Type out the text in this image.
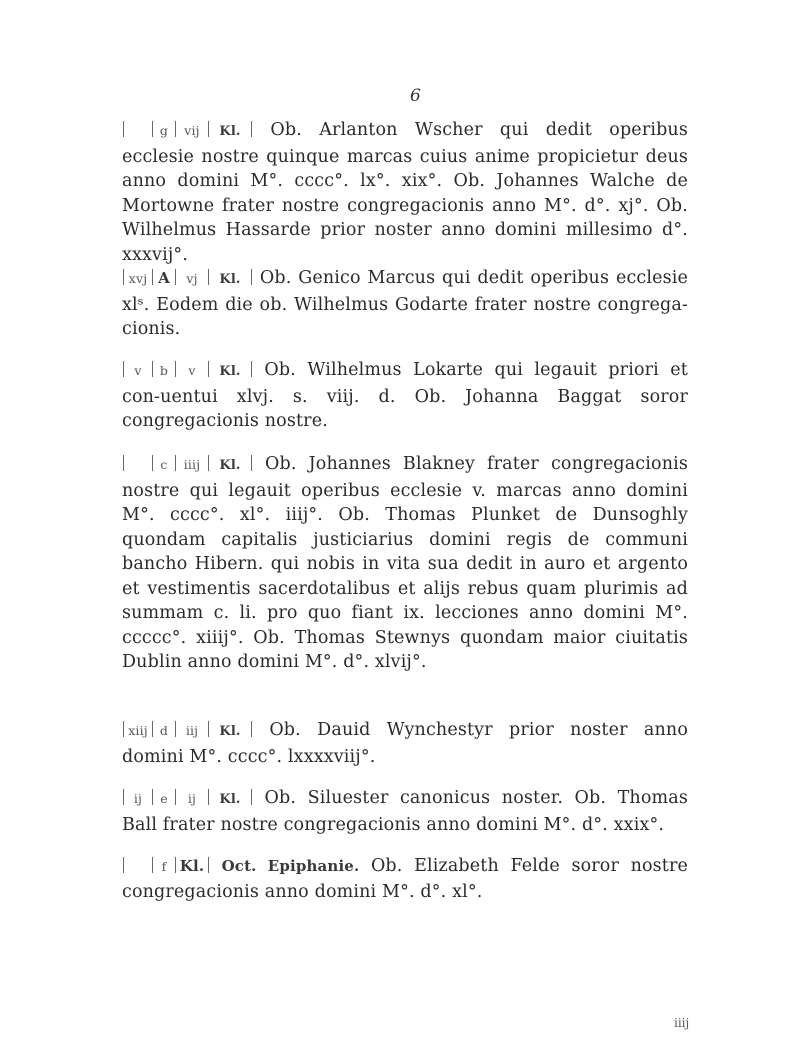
6
g vij Kl. Ob. Arlanton Wscher qui dedit operibus ecclesie nostre quinque marcas cuius anime propicietur deus anno domini M°. cccc°. lx°. xix°. Ob. Johannes Walche de Mortowne frater nostre congregacionis anno M°. d°. xj°. Ob. Wilhelmus Hassarde prior noster anno domini millesimo d°. xxxvij°.
xvj A vj Kl. Ob. Genico Marcus qui dedit operibus ecclesie xlˢ. Eodem die ob. Wilhelmus Godarte frater nostre congrega-cionis.
v b v Kl. Ob. Wilhelmus Lokarte qui legauit priori et con-uentui xlvj. s. viij. d. Ob. Johanna Baggat soror congregacionis nostre.
c iiij Kl. Ob. Johannes Blakney frater congregacionis nostre qui legauit operibus ecclesie v. marcas anno domini M°. cccc°. xl°. iiij°. Ob. Thomas Plunket de Dunsoghly quondam capitalis justiciarius domini regis de communi bancho Hibern. qui nobis in vita sua dedit in auro et argento et vestimentis sacerdotalibus et alijs rebus quam plurimis ad summam c. li. pro quo fiant ix. lecciones anno domini M°. ccccc°. xiiij°. Ob. Thomas Stewnys quondam maior ciuitatis Dublin anno domini M°. d°. xlvij°.
xiij d iij Kl. Ob. Dauid Wynchestyr prior noster anno domini M°. cccc°. lxxxxviij°.
ij e ij Kl. Ob. Siluester canonicus noster. Ob. Thomas Ball frater nostre congregacionis anno domini M°. d°. xxix°.
f Kl. Oct. Epiphanie. Ob. Elizabeth Felde soror nostre congregacionis anno domini M°. d°. xl°.
iiij
